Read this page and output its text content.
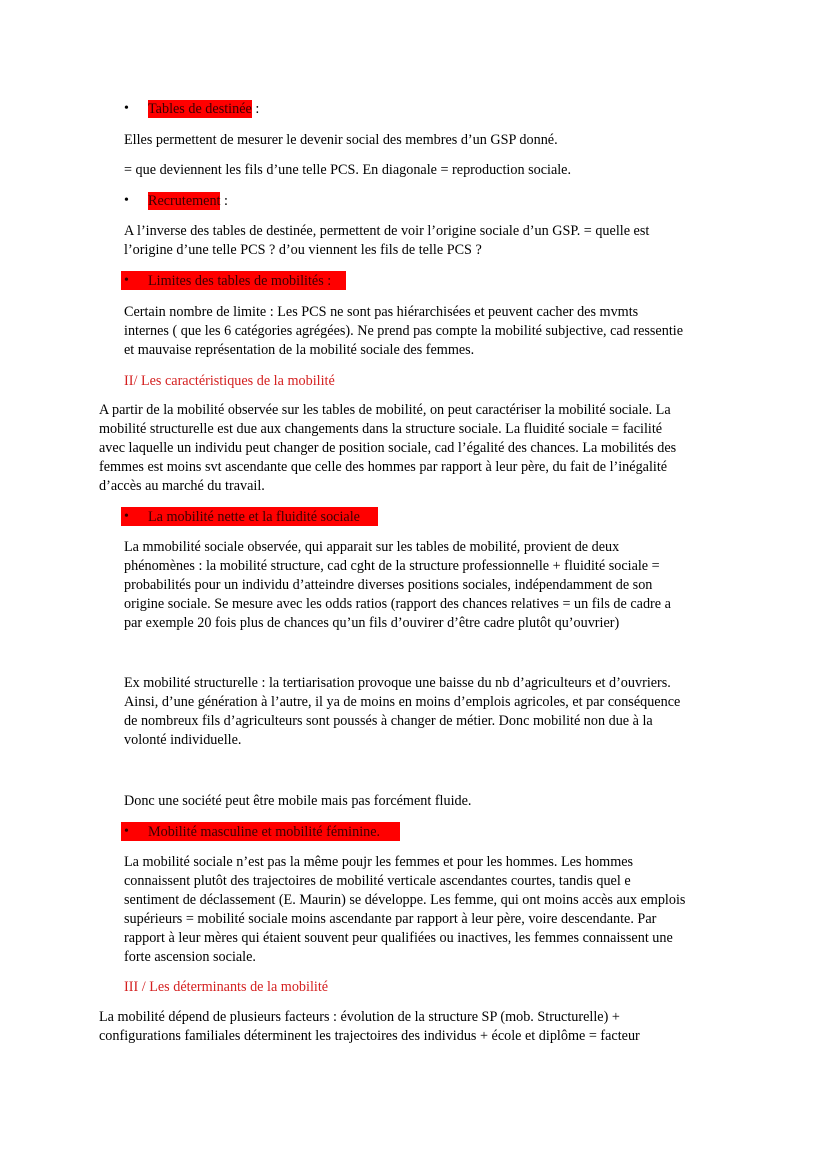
• Tables de destinée :
Elles permettent de mesurer le devenir social des membres d’un GSP donné.
= que deviennent les fils d’une telle PCS. En diagonale = reproduction sociale.
• Recrutement :
A l’inverse des tables de destinée, permettent de voir l’origine sociale d’un GSP. = quelle est
l’origine d’une telle PCS ? d’ou viennent les fils de telle PCS ?
• Limites des tables de mobilités :
Certain nombre de limite : Les PCS ne sont pas hiérarchisées et peuvent cacher des mvmts
internes ( que les 6 catégories agrégées). Ne prend pas compte la mobilité subjective, cad ressentie
et mauvaise représentation de la mobilité sociale des femmes.
II/ Les caractéristiques de la mobilité
A partir de la mobilité observée sur les tables de mobilité, on peut caractériser la mobilité sociale. La
mobilité structurelle est due aux changements dans la structure sociale. La fluidité sociale = facilité
avec laquelle un individu peut changer de position sociale, cad l’égalité des chances. La mobilités des
femmes est moins svt ascendante que celle des hommes par rapport à leur père, du fait de l’inégalité
d’accès au marché du travail.
• La mobilité nette et la fluidité sociale
La mmobilité sociale observée, qui apparait sur les tables de mobilité, provient de deux
phénomènes : la mobilité structure, cad cght de la structure professionnelle + fluidité sociale =
probabilités pour un individu d’atteindre diverses positions sociales, indépendamment de son
origine sociale. Se mesure avec les odds ratios (rapport des chances relatives = un fils de cadre a
par exemple 20 fois plus de chances qu’un fils d’ouvirer d’être cadre plutôt qu’ouvrier)
Ex mobilité structurelle : la tertiarisation provoque une baisse du nb d’agriculteurs et d’ouvriers.
Ainsi, d’une génération à l’autre, il ya de moins en moins d’emplois agricoles, et par conséquence
de nombreux fils d’agriculteurs sont poussés à changer de métier. Donc mobilité non due à la
volonté individuelle.
Donc une société peut être mobile mais pas forcément fluide.
• Mobilité masculine et mobilité féminine.
La mobilité sociale n’est pas la même poujr les femmes et pour les hommes. Les hommes
connaissent plutôt des trajectoires de mobilité verticale ascendantes courtes, tandis quel e
sentiment de déclassement (E. Maurin) se développe. Les femme, qui ont moins accès aux emplois
supérieurs = mobilité sociale moins ascendante par rapport à leur père, voire descendante. Par
rapport à leur mères qui étaient souvent peur qualifiées ou inactives, les femmes connaissent une
forte ascension sociale.
III / Les déterminants de la mobilité
La mobilité dépend de plusieurs facteurs : évolution de la structure SP (mob. Structurelle) +
configurations familiales déterminent les trajectoires des individus + école et diplôme = facteur
